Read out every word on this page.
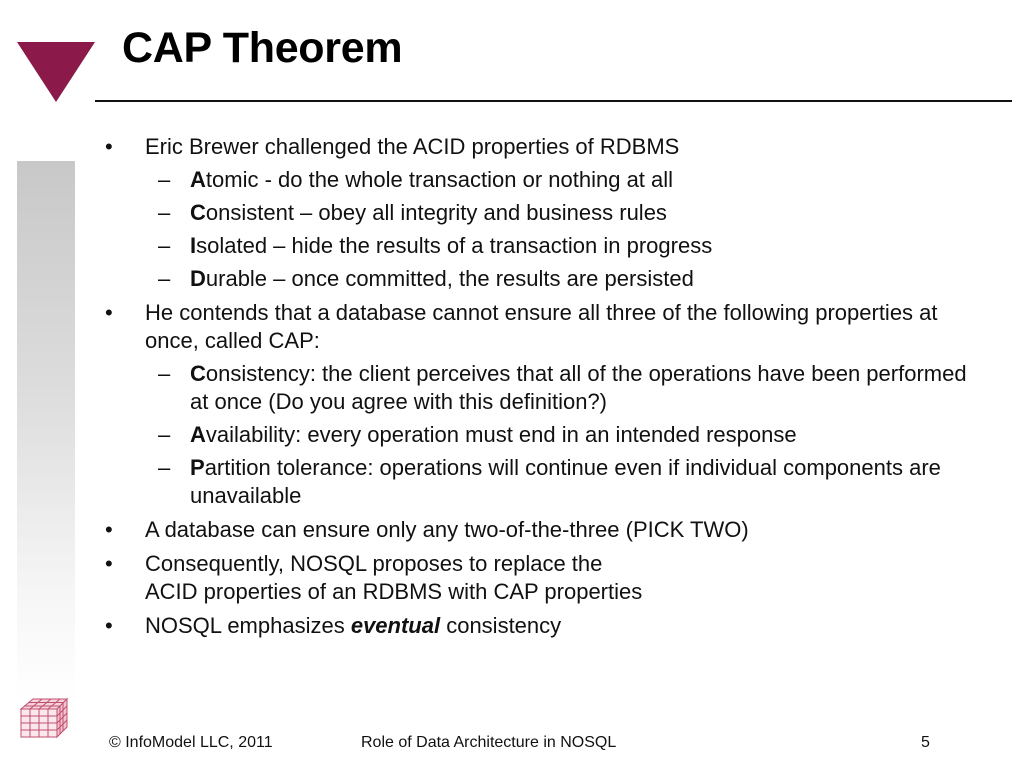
CAP Theorem
• Eric Brewer challenged the ACID properties of RDBMS
– Atomic - do the whole transaction or nothing at all
– Consistent – obey all integrity and business rules
– Isolated – hide the results of a transaction in progress
– Durable – once committed, the results are persisted
• He contends that a database cannot ensure all three of the following properties at once, called CAP:
– Consistency: the client perceives that all of the operations have been performed at once (Do you agree with this definition?)
– Availability: every operation must end in an intended response
– Partition tolerance: operations will continue even if individual components are unavailable
• A database can ensure only any two-of-the-three (PICK TWO)
• Consequently, NOSQL proposes to replace the
ACID properties of an RDBMS with CAP properties
• NOSQL emphasizes eventual consistency
© InfoModel LLC, 2011	Role of Data Architecture in NOSQL	5
